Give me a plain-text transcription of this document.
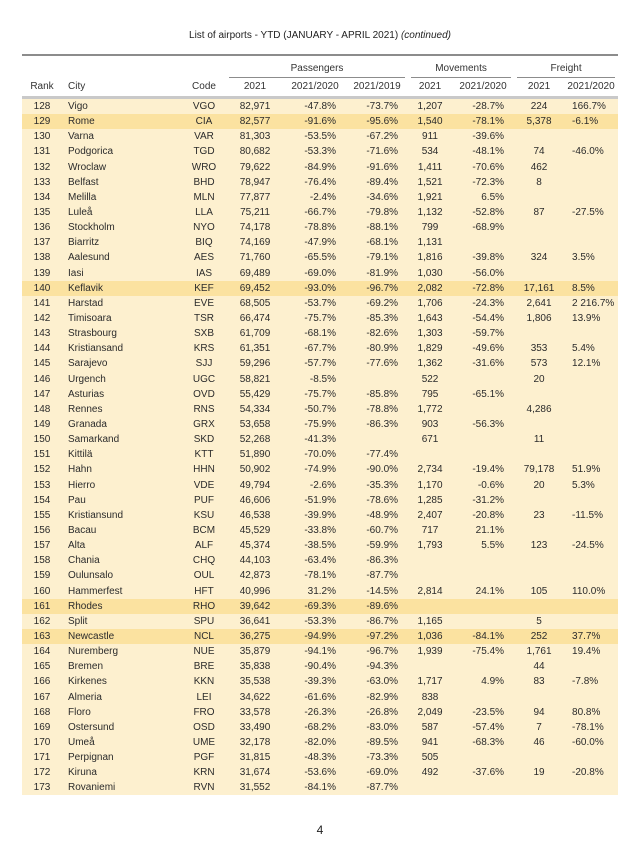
List of airports - YTD (JANUARY - APRIL 2021) (continued)

			Passengers			Movements		Freight	

Rank	City	Code	2021	2021/2020	2021/2019	2021	2021/2020	2021	2021/2020

128	Vigo	VGO	82,971	-47.8%	-73.7%	1,207	-28.7%	224	166.7%
129	Rome	CIA	82,577	-91.6%	-95.6%	1,540	-78.1%	5,378	-6.1%
130	Varna	VAR	81,303	-53.5%	-67.2%	911	-39.6%		
131	Podgorica	TGD	80,682	-53.3%	-71.6%	534	-48.1%	74	-46.0%
132	Wroclaw	WRO	79,622	-84.9%	-91.6%	1,411	-70.6%	462	
133	Belfast	BHD	78,947	-76.4%	-89.4%	1,521	-72.3%	8	
134	Melilla	MLN	77,877	-2.4%	-34.6%	1,921	6.5%		
135	Luleå	LLA	75,211	-66.7%	-79.8%	1,132	-52.8%	87	-27.5%
136	Stockholm	NYO	74,178	-78.8%	-88.1%	799	-68.9%		
137	Biarritz	BIQ	74,169	-47.9%	-68.1%	1,131			
138	Aalesund	AES	71,760	-65.5%	-79.1%	1,816	-39.8%	324	3.5%
139	Iasi	IAS	69,489	-69.0%	-81.9%	1,030	-56.0%		
140	Keflavik	KEF	69,452	-93.0%	-96.7%	2,082	-72.8%	17,161	8.5%
141	Harstad	EVE	68,505	-53.7%	-69.2%	1,706	-24.3%	2,641	2 216.7%
142	Timisoara	TSR	66,474	-75.7%	-85.3%	1,643	-54.4%	1,806	13.9%
143	Strasbourg	SXB	61,709	-68.1%	-82.6%	1,303	-59.7%		
144	Kristiansand	KRS	61,351	-67.7%	-80.9%	1,829	-49.6%	353	5.4%
145	Sarajevo	SJJ	59,296	-57.7%	-77.6%	1,362	-31.6%	573	12.1%
146	Urgench	UGC	58,821	-8.5%		522		20	
147	Asturias	OVD	55,429	-75.7%	-85.8%	795	-65.1%		
148	Rennes	RNS	54,334	-50.7%	-78.8%	1,772		4,286	
149	Granada	GRX	53,658	-75.9%	-86.3%	903	-56.3%		
150	Samarkand	SKD	52,268	-41.3%		671		11	
151	Kittilä	KTT	51,890	-70.0%	-77.4%				
152	Hahn	HHN	50,902	-74.9%	-90.0%	2,734	-19.4%	79,178	51.9%
153	Hierro	VDE	49,794	-2.6%	-35.3%	1,170	-0.6%	20	5.3%
154	Pau	PUF	46,606	-51.9%	-78.6%	1,285	-31.2%		
155	Kristiansund	KSU	46,538	-39.9%	-48.9%	2,407	-20.8%	23	-11.5%
156	Bacau	BCM	45,529	-33.8%	-60.7%	717	21.1%		
157	Alta	ALF	45,374	-38.5%	-59.9%	1,793	5.5%	123	-24.5%
158	Chania	CHQ	44,103	-63.4%	-86.3%				
159	Oulunsalo	OUL	42,873	-78.1%	-87.7%				
160	Hammerfest	HFT	40,996	31.2%	-14.5%	2,814	24.1%	105	110.0%
161	Rhodes	RHO	39,642	-69.3%	-89.6%				
162	Split	SPU	36,641	-53.3%	-86.7%	1,165		5	
163	Newcastle	NCL	36,275	-94.9%	-97.2%	1,036	-84.1%	252	37.7%
164	Nuremberg	NUE	35,879	-94.1%	-96.7%	1,939	-75.4%	1,761	19.4%
165	Bremen	BRE	35,838	-90.4%	-94.3%			44	
166	Kirkenes	KKN	35,538	-39.3%	-63.0%	1,717	4.9%	83	-7.8%
167	Almeria	LEI	34,622	-61.6%	-82.9%	838			
168	Floro	FRO	33,578	-26.3%	-26.8%	2,049	-23.5%	94	80.8%
169	Ostersund	OSD	33,490	-68.2%	-83.0%	587	-57.4%	7	-78.1%
170	Umeå	UME	32,178	-82.0%	-89.5%	941	-68.3%	46	-60.0%
171	Perpignan	PGF	31,815	-48.3%	-73.3%	505			
172	Kiruna	KRN	31,674	-53.6%	-69.0%	492	-37.6%	19	-20.8%
173	Rovaniemi	RVN	31,552	-84.1%	-87.7%				
4
